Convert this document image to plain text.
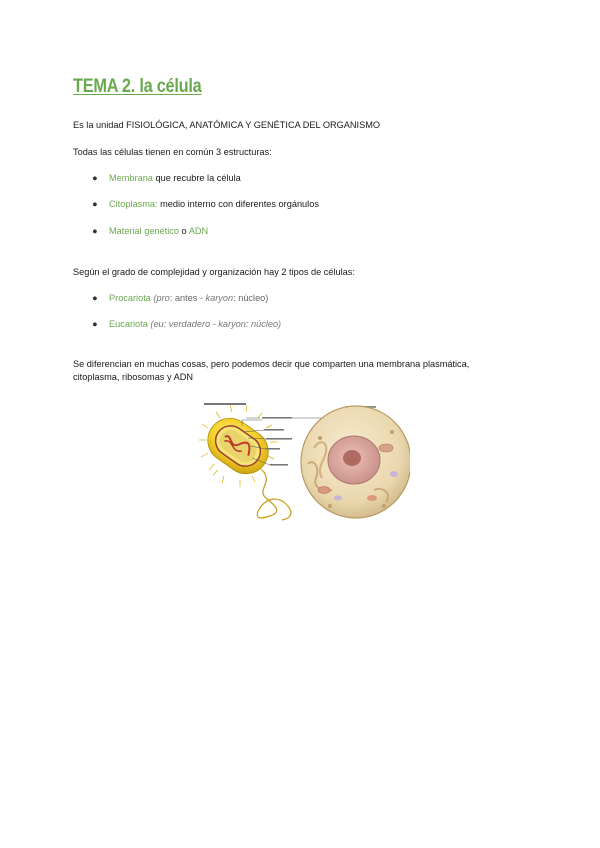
TEMA 2. la célula
Es la unidad FISIOLÓGICA, ANATÓMICA Y GENÉTICA DEL ORGANISMO
Todas las células tienen en común 3 estructuras:
● Membrana que recubre la célula
● Citoplasma: medio interno con diferentes orgánulos
● Material genético o ADN
Según el grado de complejidad y organización hay 2 tipos de células:
● Procariota (pro: antes - karyon: núcleo)
● Eucariota (eu: verdadero - karyon: núcleo)
Se diferencian en muchas cosas, pero podemos decir que comparten una membrana plasmática,
citoplasma, ribosomas y ADN
